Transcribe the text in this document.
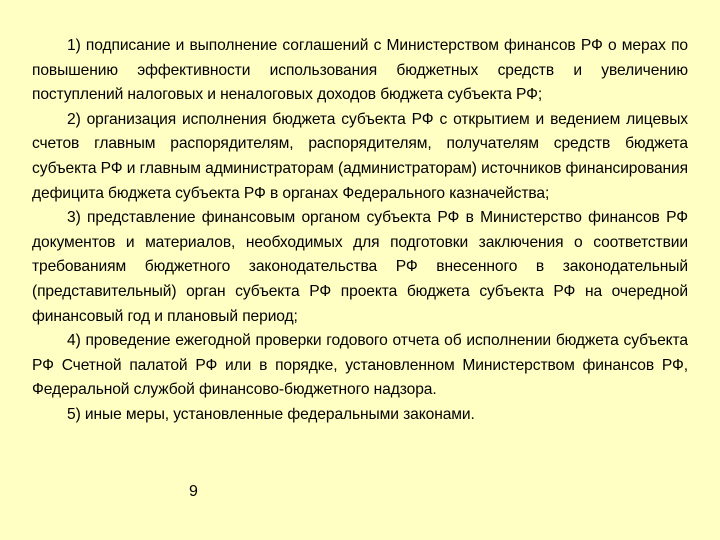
1) подписание и выполнение соглашений с Министерством финансов РФ о мерах по повышению эффективности использования бюджетных средств и увеличению поступлений налоговых и неналоговых доходов бюджета субъекта РФ;

2) организация исполнения бюджета субъекта РФ с открытием и ведением лицевых счетов главным распорядителям, распорядителям, получателям средств бюджета субъекта РФ и главным администраторам (администраторам) источников финансирования дефицита бюджета субъекта РФ в органах Федерального казначейства;

3) представление финансовым органом субъекта РФ в Министерство финансов РФ документов и материалов, необходимых для подготовки заключения о соответствии требованиям бюджетного законодательства РФ внесенного в законодательный (представительный) орган субъекта РФ проекта бюджета субъекта РФ на очередной финансовый год и плановый период;

4) проведение ежегодной проверки годового отчета об исполнении бюджета субъекта РФ Счетной палатой РФ или в порядке, установленном Министерством финансов РФ, Федеральной службой финансово-бюджетного надзора.

5) иные меры, установленные федеральными законами.

9
